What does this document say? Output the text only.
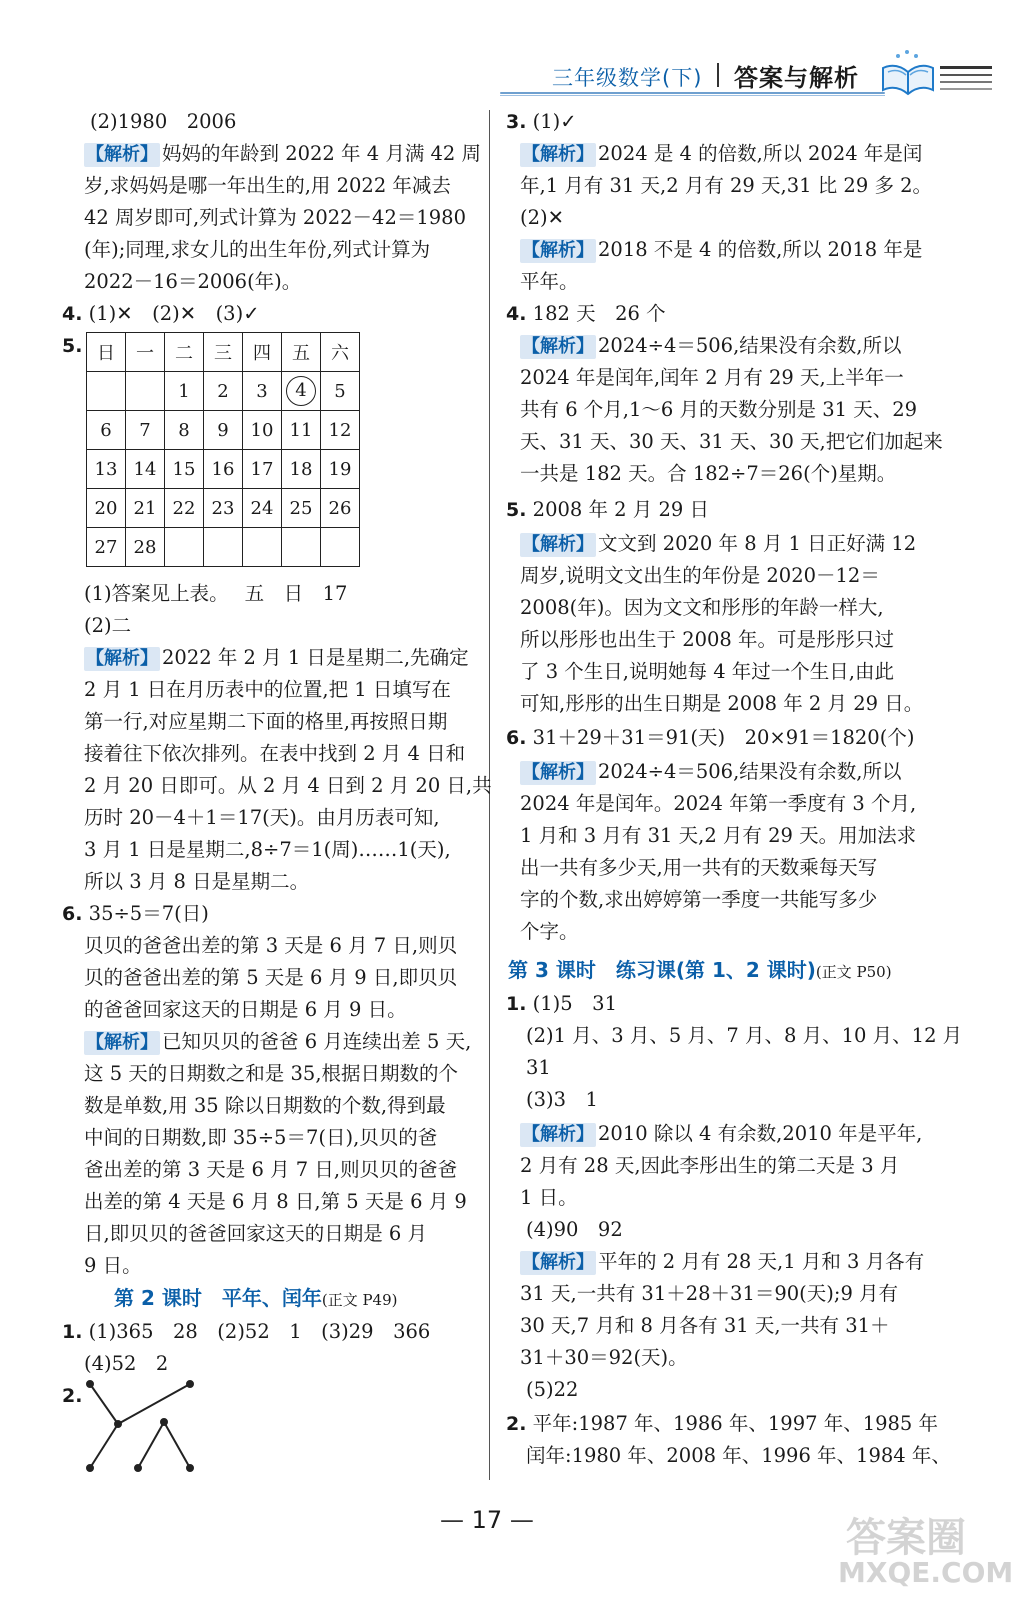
三年级数学(下) 答案与解析
(2)1980　2006
【 解析 】 妈妈的年龄到 2022 年 4 月满 42 周
岁,求妈妈是哪一年出生的,用 2022 年减去
42 周岁即可,列式计算为 2022－42＝1980
(年);同理,求女儿的出生年份,列式计算为
2022－16＝2006(年)。
4. (1)✕　(2)✕　(3)✓
5. 日	一	二	三	四	五	六
		1	2	3	4	5
6	7	8	9	10	11	12
13	14	15	16	17	18	19
20	21	22	23	24	25	26
27	28					
(1)答案见上表。　 五　日　17
(2)二
【 解析 】 2022 年 2 月 1 日是星期二,先确定
2 月 1 日在月历表中的位置,把 1 日填写在
第一行,对应星期二下面的格里,再按照日期
接着往下依次排列。在表中找到 2 月 4 日和
2 月 20 日即可。从 2 月 4 日到 2 月 20 日,共
历时 20－4＋1＝17(天)。由月历表可知,
3 月 1 日是星期二,8÷7＝1(周)……1(天),
所以 3 月 8 日是星期二。
6. 35÷5＝7(日)
贝贝的爸爸出差的第 3 天是 6 月 7 日,则贝
贝的爸爸出差的第 5 天是 6 月 9 日,即贝贝
的爸爸回家这天的日期是 6 月 9 日。
【 解析 】 已知贝贝的爸爸 6 月连续出差 5 天,
这 5 天的日期数之和是 35,根据日期数的个
数是单数,用 35 除以日期数的个数,得到最
中间的日期数,即 35÷5＝7(日),贝贝的爸
爸出差的第 3 天是 6 月 7 日,则贝贝的爸爸
出差的第 4 天是 6 月 8 日,第 5 天是 6 月 9
日,即贝贝的爸爸回家这天的日期是 6 月
9 日。
第 2 课时　平年、闰年(正文 P49)
1. (1)365　28　(2)52　1　(3)29　366
(4)52　2
2.
3. (1)✓
【 解析 】 2024 是 4 的倍数,所以 2024 年是闰
年,1 月有 31 天,2 月有 29 天,31 比 29 多 2。
(2)✕
【 解析 】 2018 不是 4 的倍数,所以 2018 年是
平年。
4. 182 天　26 个
【 解析 】 2024÷4＝506,结果没有余数,所以
2024 年是闰年,闰年 2 月有 29 天,上半年一
共有 6 个月,1～6 月的天数分别是 31 天、29
天、31 天、30 天、31 天、30 天,把它们加起来
一共是 182 天。合 182÷7＝26(个)星期。
5. 2008 年 2 月 29 日
【 解析 】 文文到 2020 年 8 月 1 日正好满 12
周岁,说明文文出生的年份是 2020－12＝
2008(年)。因为文文和彤彤的年龄一样大,
所以彤彤也出生于 2008 年。可是彤彤只过
了 3 个生日,说明她每 4 年过一个生日,由此
可知,彤彤的出生日期是 2008 年 2 月 29 日。
6. 31＋29＋31＝91(天)　20×91＝1820(个)
【 解析 】 2024÷4＝506,结果没有余数,所以
2024 年是闰年。2024 年第一季度有 3 个月,
1 月和 3 月有 31 天,2 月有 29 天。用加法求
出一共有多少天,用一共有的天数乘每天写
字的个数,求出婷婷第一季度一共能写多少
个字。
第 3 课时　练习课(第 1、2 课时)(正文 P50)
1. (1)5　31
(2)1 月、3 月、5 月、7 月、8 月、10 月、12 月
31
(3)3　1
【 解析 】 2010 除以 4 有余数,2010 年是平年,
2 月有 28 天,因此李彤出生的第二天是 3 月
1 日。
(4)90　92
【 解析 】 平年的 2 月有 28 天,1 月和 3 月各有
31 天,一共有 31＋28＋31＝90(天);9 月有
30 天,7 月和 8 月各有 31 天,一共有 31＋
31＋30＝92(天)。
(5)22
2. 平年:1987 年、1986 年、1997 年、1985 年
闰年:1980 年、2008 年、1996 年、1984 年、
— 17 —	答案圈
MXQE.COM
